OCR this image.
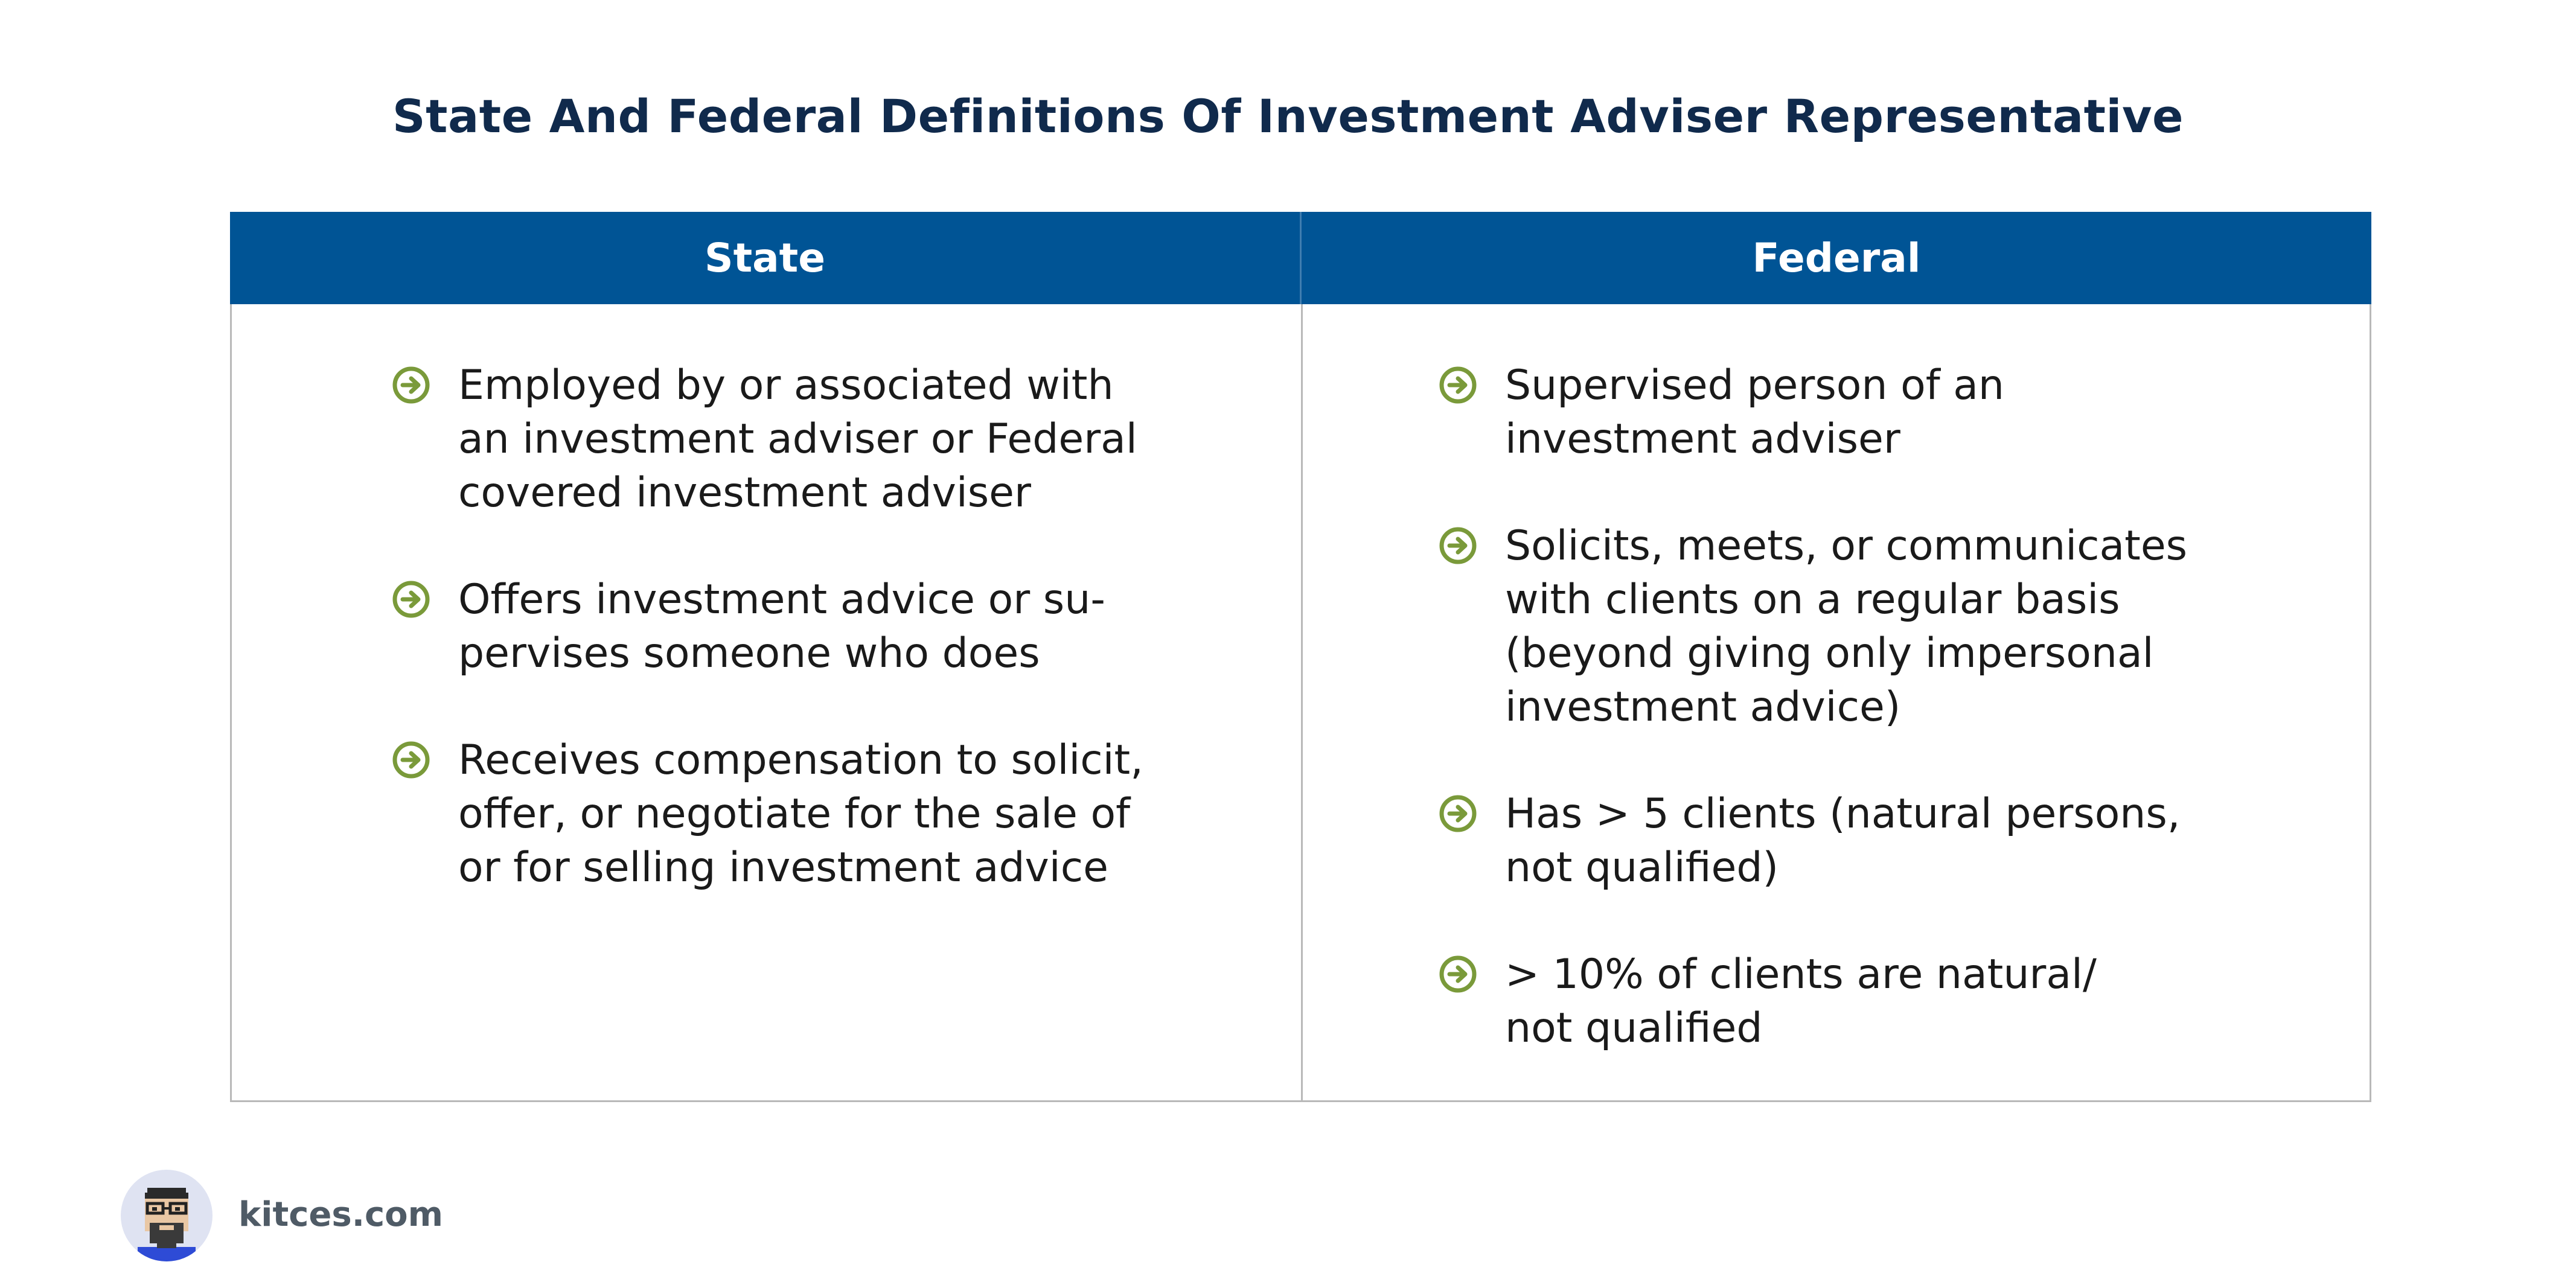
State And Federal Definitions Of Investment Adviser Representative
State	Federal
Employed by or associated with
an investment adviser or Federal
covered investment adviser
Offers investment advice or su-
pervises someone who does
Receives compensation to solicit,
offer, or negotiate for the sale of
or for selling investment advice
Supervised person of an
investment adviser
Solicits, meets, or communicates
with clients on a regular basis
(beyond giving only impersonal
investment advice)
Has > 5 clients (natural persons,
not qualified)
> 10% of clients are natural/
not qualified
kitces.com
